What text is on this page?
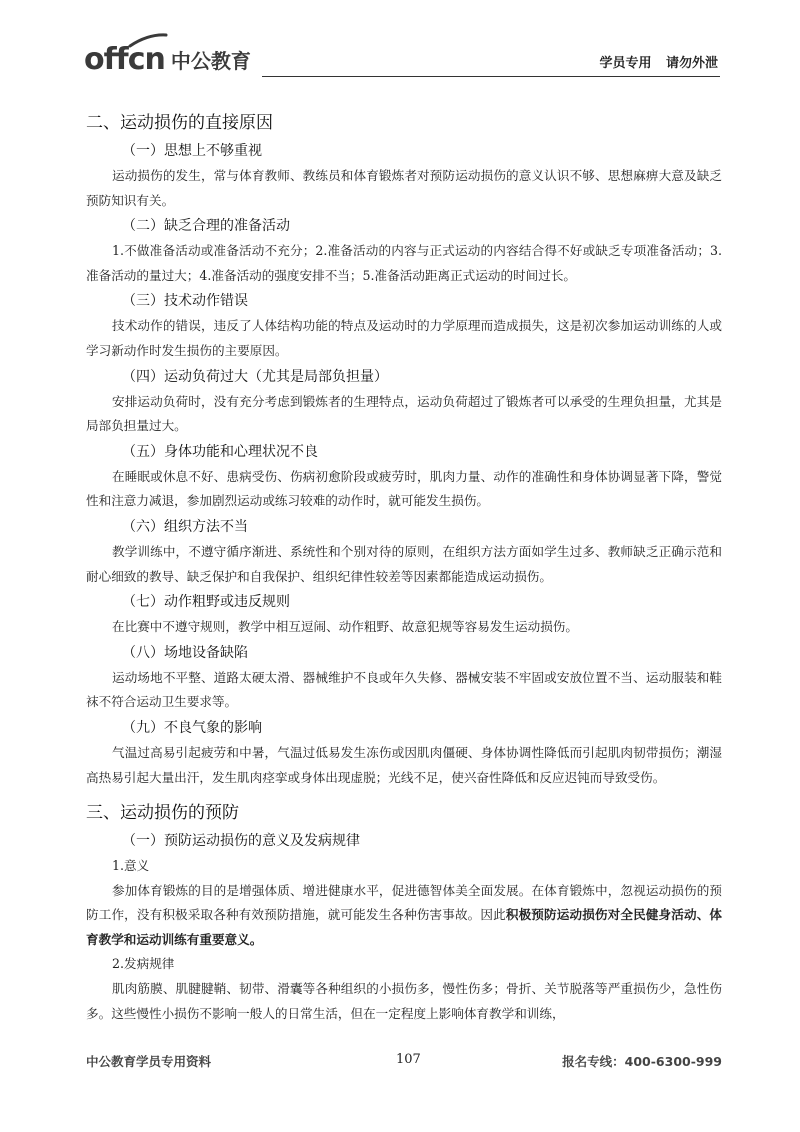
offcn 中公教育	学员专用 请勿外泄
二、运动损伤的直接原因
（一）思想上不够重视

运动损伤的发生，常与体育教师、教练员和体育锻炼者对预防运动损伤的意义认识不够、思想麻痹大意及缺乏预防知识有关。

（二）缺乏合理的准备活动

1.不做准备活动或准备活动不充分；2.准备活动的内容与正式运动的内容结合得不好或缺乏专项准备活动；3.准备活动的量过大；4.准备活动的强度安排不当；5.准备活动距离正式运动的时间过长。

（三）技术动作错误

技术动作的错误，违反了人体结构功能的特点及运动时的力学原理而造成损失，这是初次参加运动训练的人或学习新动作时发生损伤的主要原因。

（四）运动负荷过大（尤其是局部负担量）

安排运动负荷时，没有充分考虑到锻炼者的生理特点，运动负荷超过了锻炼者可以承受的生理负担量，尤其是局部负担量过大。

（五）身体功能和心理状况不良

在睡眠或休息不好、患病受伤、伤病初愈阶段或疲劳时，肌肉力量、动作的准确性和身体协调显著下降，警觉性和注意力减退，参加剧烈运动或练习较难的动作时，就可能发生损伤。

（六）组织方法不当

教学训练中，不遵守循序渐进、系统性和个别对待的原则，在组织方法方面如学生过多、教师缺乏正确示范和耐心细致的教导、缺乏保护和自我保护、组织纪律性较差等因素都能造成运动损伤。

（七）动作粗野或违反规则

在比赛中不遵守规则，教学中相互逗闹、动作粗野、故意犯规等容易发生运动损伤。

（八）场地设备缺陷

运动场地不平整、道路太硬太滑、器械维护不良或年久失修、器械安装不牢固或安放位置不当、运动服装和鞋袜不符合运动卫生要求等。

（九）不良气象的影响

气温过高易引起疲劳和中暑，气温过低易发生冻伤或因肌肉僵硬、身体协调性降低而引起肌肉韧带损伤；潮湿高热易引起大量出汗，发生肌肉痉挛或身体出现虚脱；光线不足，使兴奋性降低和反应迟钝而导致受伤。

三、运动损伤的预防
（一）预防运动损伤的意义及发病规律
1.意义

参加体育锻炼的目的是增强体质、增进健康水平，促进德智体美全面发展。在体育锻炼中，忽视运动损伤的预防工作，没有积极采取各种有效预防措施，就可能发生各种伤害事故。因此积极预防运动损伤对全民健身活动、体育教学和运动训练有重要意义。

2.发病规律

肌肉筋膜、肌腱腱鞘、韧带、滑囊等各种组织的小损伤多，慢性伤多；骨折、关节脱落等严重损伤少，急性伤多。这些慢性小损伤不影响一般人的日常生活，但在一定程度上影响体育教学和训练，

中公教育学员专用资料	107	报名专线：400-6300-999
